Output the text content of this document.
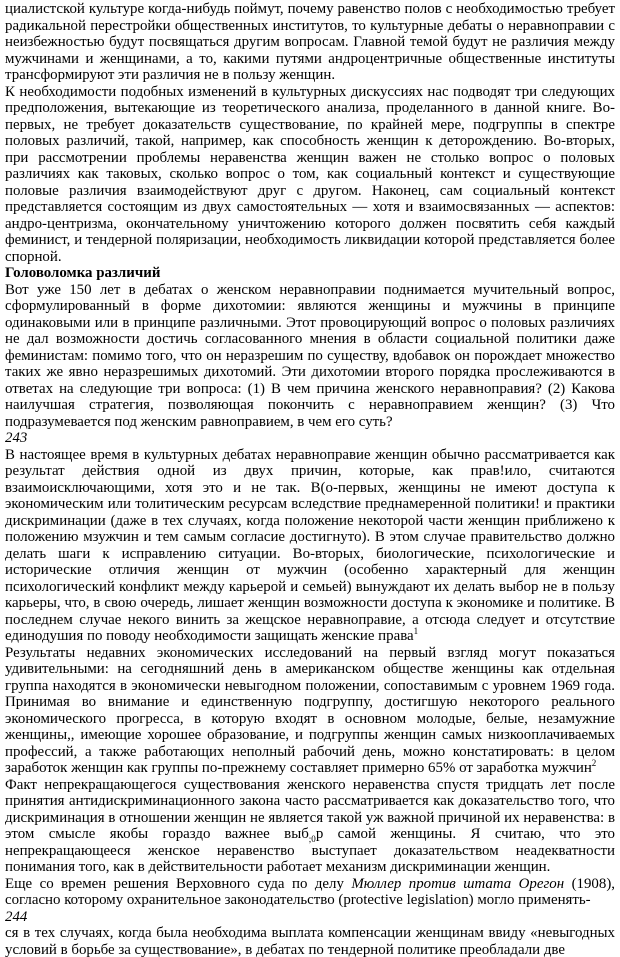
циалистской культуре когда-нибудь поймут, почему равенство полов с необходимостью требует радикальной перестройки общественных институтов, то культурные дебаты о неравноправии с неизбежностью будут посвящаться другим вопросам. Главной темой будут не различия между мужчинами и женщинами, а то, какими путями андроцентричные общественные институты трансформируют эти различия не в пользу женщин.

К необходимости подобных изменений в культурных дискуссиях нас подводят три следующих предположения, вытекающие из теоретического анализа, проделанного в данной книге. Во-первых, не требует доказательств существование, по крайней мере, подгруппы в спектре половых различий, такой, например, как способность женщин к деторождению. Во-вторых, при рассмотрении проблемы неравенства женщин важен не столько вопрос о половых различиях как таковых, сколько вопрос о том, как социальный контекст и существующие половые различия взаимодействуют друг с другом. Наконец, сам социальный контекст представляется состоящим из двух самостоятельных — хотя и взаимосвязанных — аспектов: андро-центризма, окончательному уничтожению которого должен посвятить себя каждый феминист, и тендерной поляризации, необходимость ликвидации которой представляется более спорной.

Головоломка различий

Вот уже 150 лет в дебатах о женском неравноправии поднимается мучительный вопрос, сформулированный в форме дихотомии: являются женщины и мужчины в принципе одинаковыми или в принципе различными. Этот провоцирующий вопрос о половых различиях не дал возможности достичь согласованного мнения в области социальной политики даже феминистам: помимо того, что он неразрешим по существу, вдобавок он порождает множество таких же явно неразрешимых дихотомий. Эти дихотомии второго порядка прослеживаются в ответах на следующие три вопроса: (1) В чем причина женского неравноправия? (2) Какова наилучшая стратегия, позволяющая покончить с неравноправием женщин? (3) Что подразумевается под женским равноправием, в чем его суть?

243

В настоящее время в культурных дебатах неравноправие женщин обычно рассматривается как результат действия одной из двух причин, которые, как прав!ило, считаются взаимоисключающими, хотя это и не так. В(о-первых, женщины не имеют доступа к экономическим или толитическим ресурсам вследствие преднамеренной политики! и практики дискриминации (даже в тех случаях, когда положение некоторой части женщин приближено к положению мзужчин и тем самым согласие достигнуто). В этом случае правительство должно делать шаги к исправлению ситуации. Во-вторых, биологические, психологические и исторические отличия женщин от мужчин (особенно характерный для женщин психологический конфликт между карьерой и семьей) вынуждают их делать выбор не в пользу карьеры, что, в свою очередь, лишает женщин возможности доступа к экономике и политике. В последнем случае некого винить за жещское неравноправие, а отсюда следует и отсутствие единодушия по поводу необходимости защищать женские права$^1$

Результаты недавних экономических исследований на первый взгляд могут показаться удивительными: на сегодняшний день в американском обществе женщины как отдельная группа находятся в экономически невыгодном положении, сопоставимым с уровнем 1969 года. Принимая во внимание и единственную подгруппу, достигшую некоторого реального экономического прогресса, в которую входят в основном молодые, белые, незамужние женщины,, имеющие хорошее образование, и подгруппы женщин самых низкооплачиваемых профессий, а также работающих неполный рабочий день, можно констатировать: в целом заработок женщин как группы по-прежнему составляет примерно 65% от заработка мужчин$^2$

Факт непрекращающегося существования женского неравенства спустя тридцать лет после принятия антидискриминационного закона часто рассматривается как доказательство того, что дискриминация в отношении женщин не является такой уж важной причиной их неравенства: в этом смысле якобы гораздо важнее выб$_{;0}$р самой женщины. Я считаю, что это непрекращающееся женское неравенство выступает доказательством неадекватности понимания того, как в действительности работает механизм дискриминации женщин.

Еще со времен решения Верховного суда по делу Мюллер против штата Орегон (1908), согласно которому охранительное законодательство (protective legislation) могло применять-

244

ся в тех случаях, когда была необходима выплата компенсации женщинам ввиду «невыгодных условий в борьбе за существование», в дебатах по тендерной политике преобладали две
